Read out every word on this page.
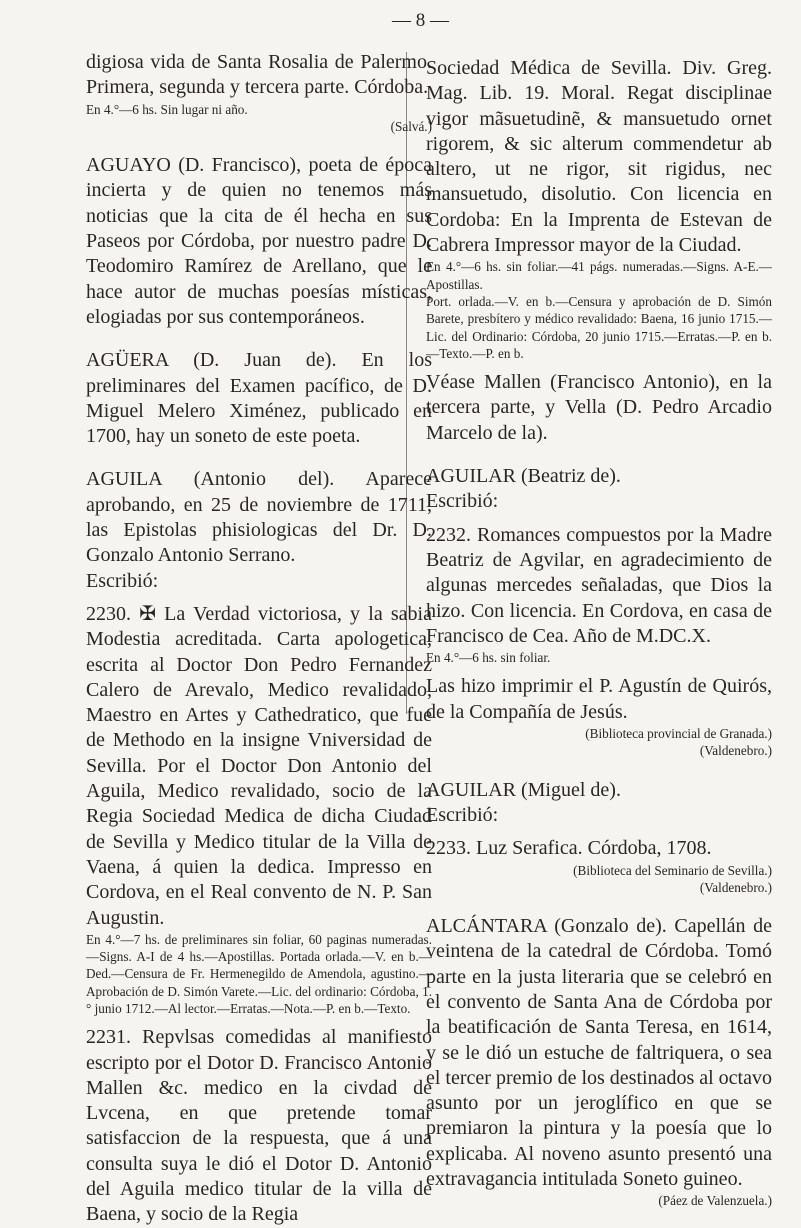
— 8 —

digiosa vida de Santa Rosalia de Palermo. Primera, segunda y tercera parte. Córdoba.

En 4.°—6 hs. Sin lugar ni año.

(Salvá.)

AGUAYO (D. Francisco), poeta de época incierta y de quien no tenemos más noticias que la cita de él hecha en sus Paseos por Córdoba, por nuestro padre D. Teodomiro Ramírez de Arellano, que le hace autor de muchas poesías místicas, elogiadas por sus contemporáneos.

AGÜERA (D. Juan de). En los preliminares del Examen pacífico, de D. Miguel Melero Ximénez, publicado en 1700, hay un soneto de este poeta.

AGUILA (Antonio del). Aparece aprobando, en 25 de noviembre de 1711, las Epistolas phisiologicas del Dr. D. Gonzalo Antonio Serrano.

Escribió:

2230. ✠ La Verdad victoriosa, y la sabia Modestia acreditada. Carta apologetica, escrita al Doctor Don Pedro Fernandez Calero de Arevalo, Medico revalidado, Maestro en Artes y Cathedratico, que fue de Methodo en la insigne Vniversidad de Sevilla. Por el Doctor Don Antonio del Aguila, Medico revalidado, socio de la Regia Sociedad Medica de dicha Ciudad de Sevilla y Medico titular de la Villa de Vaena, á quien la dedica. Impresso en Cordova, en el Real convento de N. P. San Augustin.

En 4.°—7 hs. de preliminares sin foliar, 60 paginas numeradas.—Signs. A-I de 4 hs.—Apostillas. Portada orlada.—V. en b.—Ded.—Censura de Fr. Hermenegildo de Amendola, agustino.—Aprobación de D. Simón Varete.—Lic. del ordinario: Córdoba, 1.° junio 1712.—Al lector.—Erratas.—Nota.—P. en b.—Texto.

2231. Repvlsas comedidas al manifiesto escripto por el Dotor D. Francisco Antonio Mallen &c. medico en la civdad de Lvcena, en que pretende tomar satisfaccion de la respuesta, que á una consulta suya le dió el Dotor D. Antonio del Aguila medico titular de la villa de Baena, y socio de la Regia

Sociedad Médica de Sevilla. Div. Greg. Mag. Lib. 19. Moral. Regat disciplinae vigor mãsuetudinẽ, & mansuetudo ornet rigorem, & sic alterum commendetur ab altero, ut ne rigor, sit rigidus, nec mansuetudo, disolutio. Con licencia en Cordoba: En la Imprenta de Estevan de Cabrera Impressor mayor de la Ciudad.

En 4.°—6 hs. sin foliar.—41 págs. numeradas.—Signs. A-E.—Apostillas.

Port. orlada.—V. en b.—Censura y aprobación de D. Simón Barete, presbítero y médico revalidado: Baena, 16 junio 1715.—Lic. del Ordinario: Córdoba, 20 junio 1715.—Erratas.—P. en b.—Texto.—P. en b.

Véase Mallen (Francisco Antonio), en la tercera parte, y Vella (D. Pedro Arcadio Marcelo de la).

AGUILAR (Beatriz de).

Escribió:

2232. Romances compuestos por la Madre Beatriz de Agvilar, en agradecimiento de algunas mercedes señaladas, que Dios la hizo. Con licencia. En Cordova, en casa de Francisco de Cea. Año de M.DC.X.

En 4.°—6 hs. sin foliar.

Las hizo imprimir el P. Agustín de Quirós, de la Compañía de Jesús.

(Biblioteca provincial de Granada.)

(Valdenebro.)

AGUILAR (Miguel de).

Escribió:

2233. Luz Serafica. Córdoba, 1708.

(Biblioteca del Seminario de Sevilla.)

(Valdenebro.)

ALCÁNTARA (Gonzalo de). Capellán de veintena de la catedral de Córdoba. Tomó parte en la justa literaria que se celebró en el convento de Santa Ana de Córdoba por la beatificación de Santa Teresa, en 1614, y se le dió un estuche de faltriquera, o sea el tercer premio de los destinados al octavo asunto por un jeroglífico en que se premiaron la pintura y la poesía que lo explicaba. Al noveno asunto presentó una extravagancia intitulada Soneto guineo.

(Páez de Valenzuela.)
